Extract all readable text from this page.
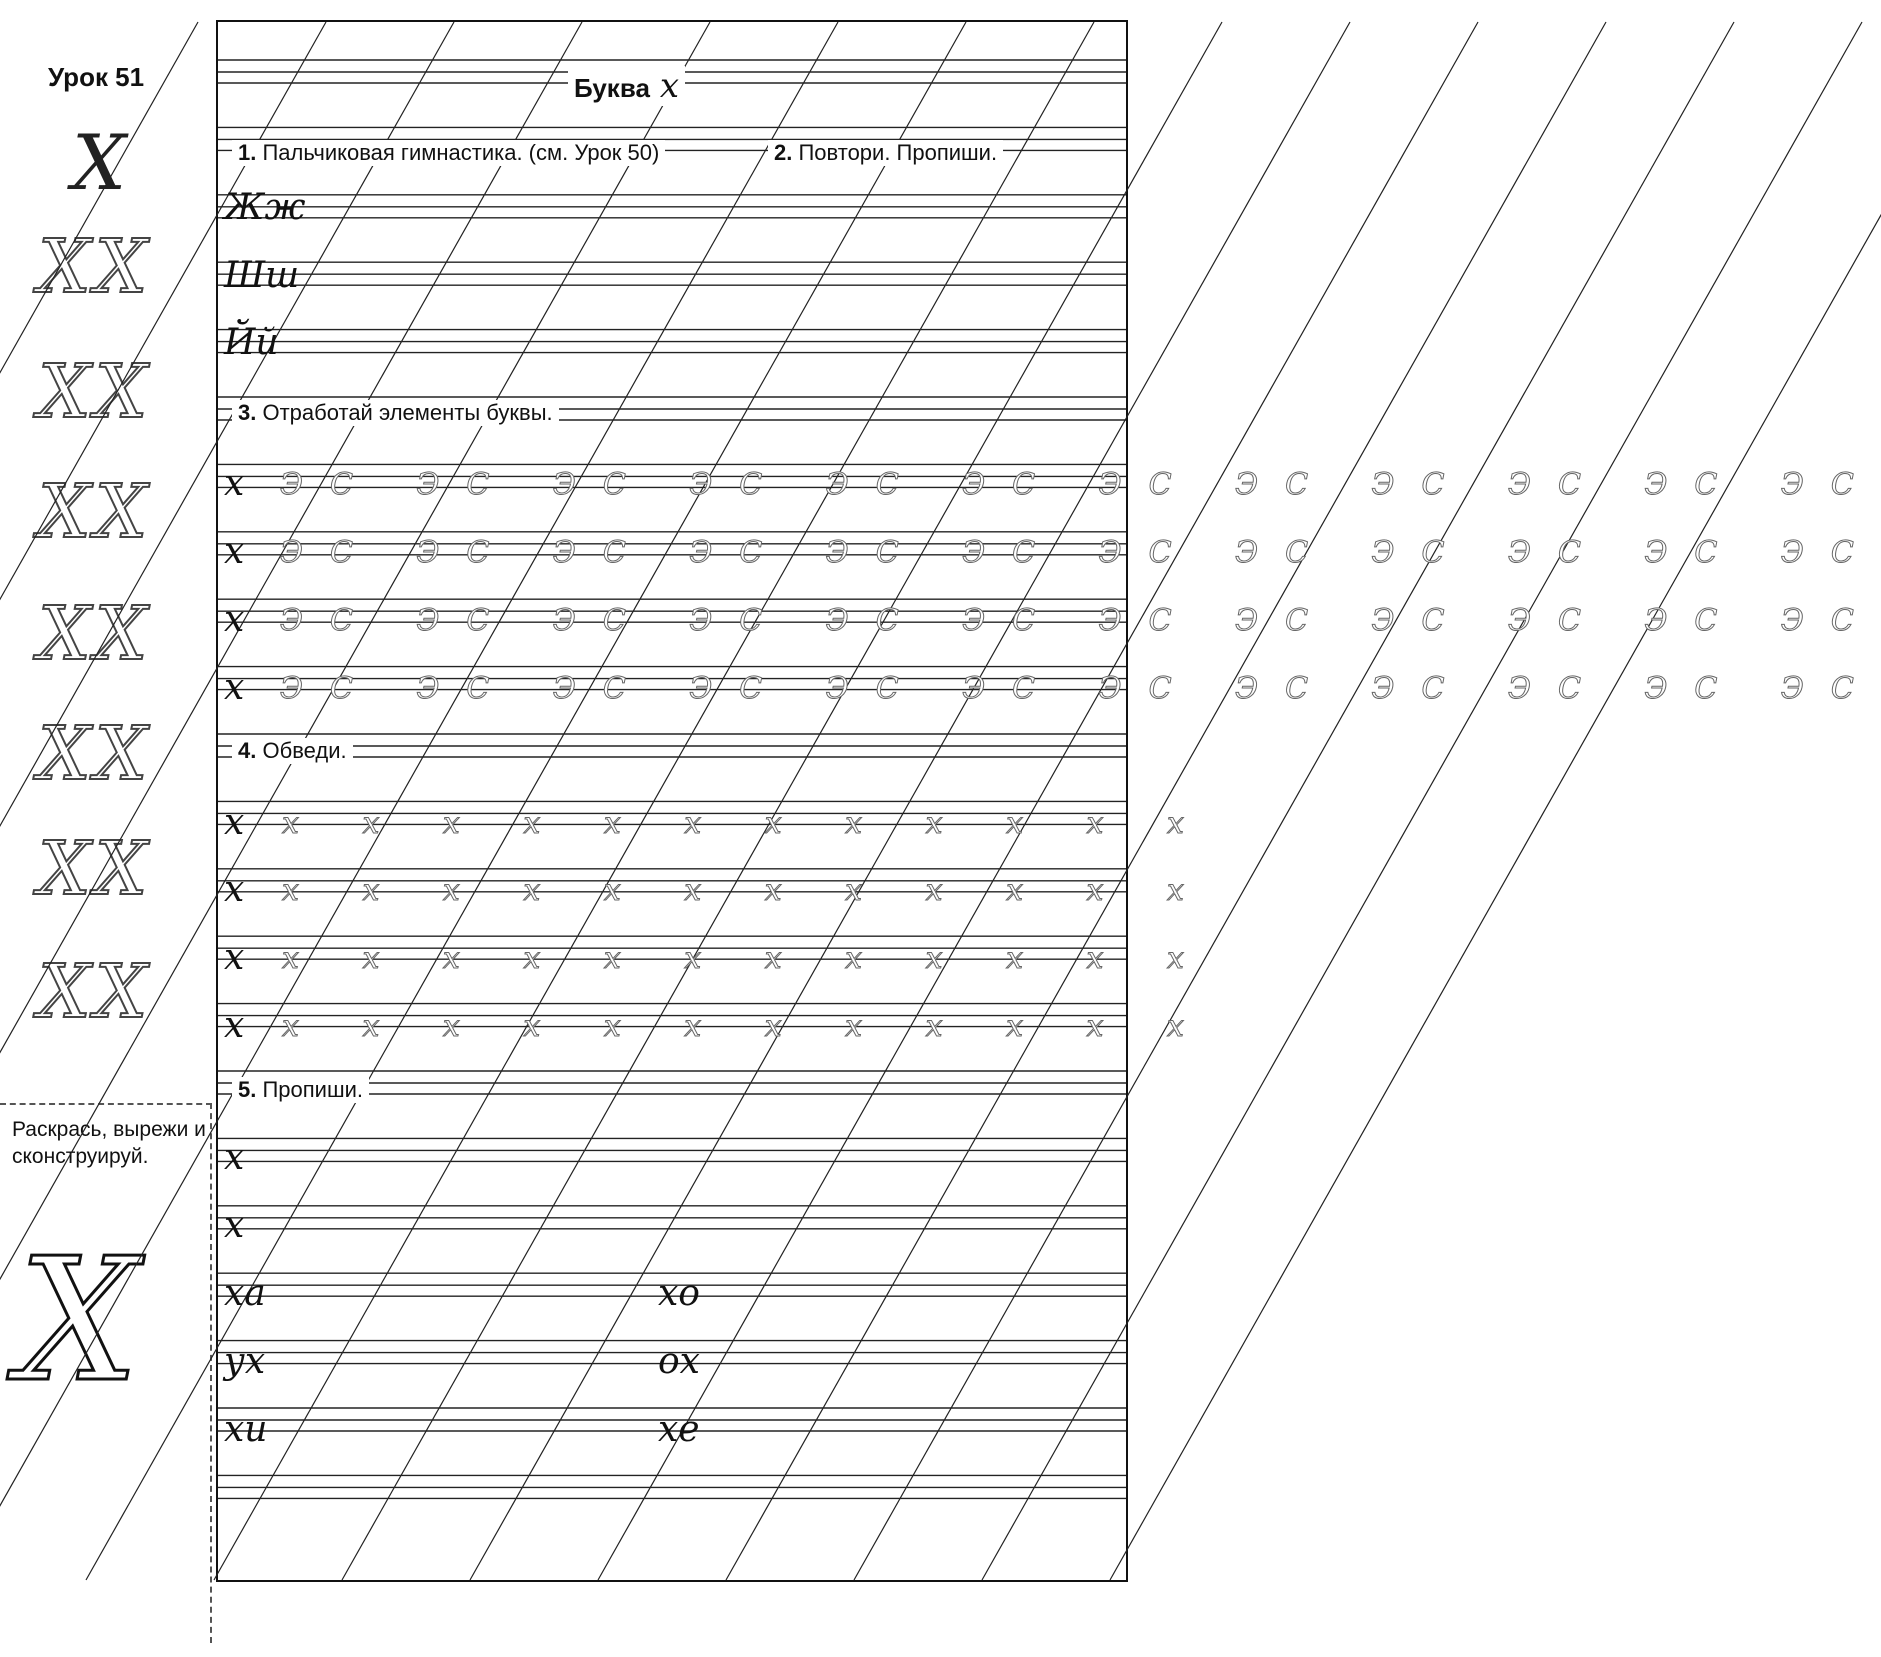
Урок 51
Х
ХХ
ХХ
ХХ
ХХ
ХХ
ХХ
ХХ
Раскрась, вырежи и сконструируй.
Х
Буква х
1. Пальчиковая гимнастика. (см. Урок 50)	2. Повтори. Пропиши.
Жж
Шш
Йй
3. Отработай элементы буквы.
х ЭС ЭС ЭС ЭС ЭС ЭС ЭС ЭС ЭС ЭС ЭС ЭС
х ЭС ЭС ЭС ЭС ЭС ЭС ЭС ЭС ЭС ЭС ЭС ЭС
х ЭС ЭС ЭС ЭС ЭС ЭС ЭС ЭС ЭС ЭС ЭС ЭС
х ЭС ЭС ЭС ЭС ЭС ЭС ЭС ЭС ЭС ЭС ЭС ЭС
4. Обведи.
х х х х х х х х х х х х х
х х х х х х х х х х х х х
х х х х х х х х х х х х х
х х х х х х х х х х х х х
5. Пропиши.
х
х
ха	хо
ух	ох
хи	хе
